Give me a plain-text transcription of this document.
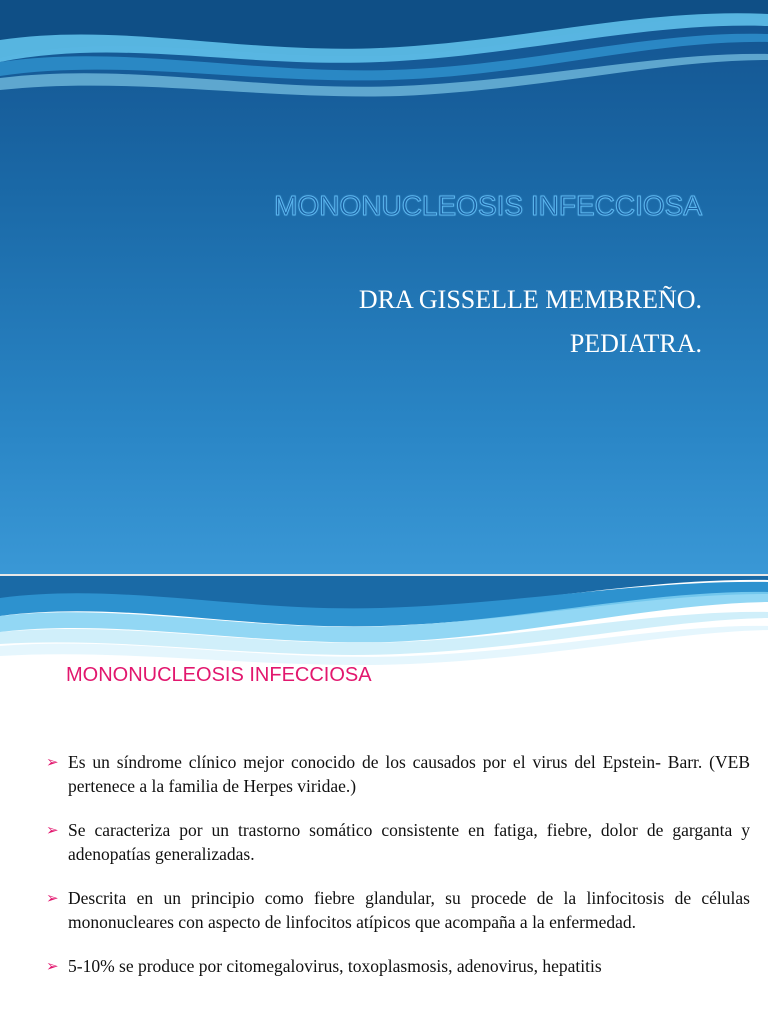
MONONUCLEOSIS INFECCIOSA
DRA GISSELLE MEMBREÑO.
PEDIATRA.
MONONUCLEOSIS INFECCIOSA
➢ Es un síndrome clínico mejor conocido de los causados por el virus del Epstein- Barr. (VEB pertenece a la familia de Herpes viridae.)
➢ Se caracteriza por un trastorno somático consistente en fatiga, fiebre, dolor de garganta y adenopatías generalizadas.
➢ Descrita en un principio como fiebre glandular, su procede de la linfocitosis de células mononucleares con aspecto de linfocitos atípicos que acompaña a la enfermedad.
➢ 5-10% se produce por citomegalovirus, toxoplasmosis, adenovirus, hepatitis
